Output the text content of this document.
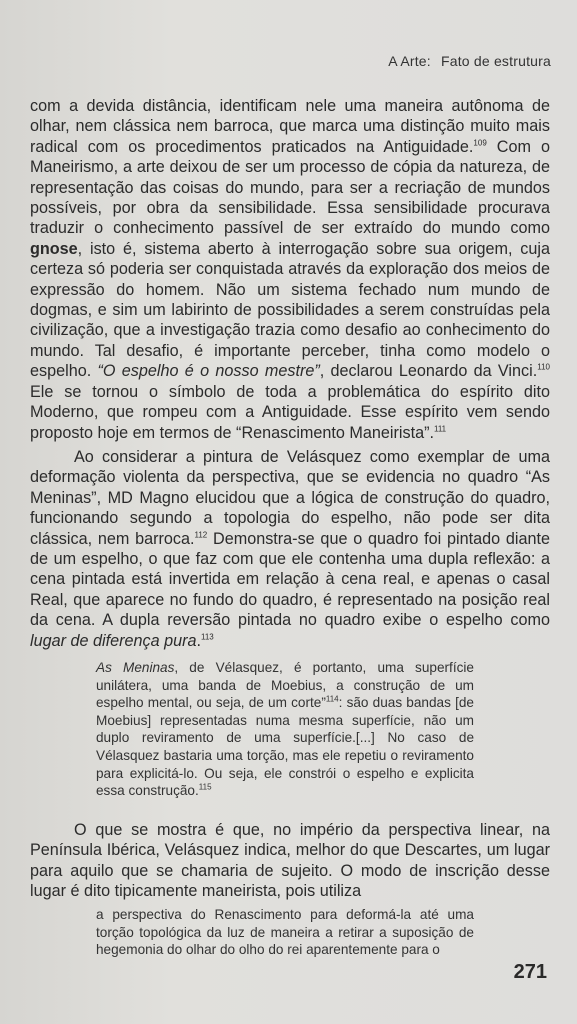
A Arte: Fato de estrutura

com a devida distância, identificam nele uma maneira autônoma de olhar, nem clássica nem barroca, que marca uma distinção muito mais radical com os procedimentos praticados na Antiguidade.$^{109}$ Com o Maneirismo, a arte deixou de ser um processo de cópia da natureza, de representação das coisas do mundo, para ser a recriação de mundos possíveis, por obra da sensibilidade. Essa sensibilidade procurava traduzir o conhecimento passível de ser extraído do mundo como gnose, isto é, sistema aberto à interrogação sobre sua origem, cuja certeza só poderia ser conquistada através da exploração dos meios de expressão do homem. Não um sistema fechado num mundo de dogmas, e sim um labirinto de possibilidades a serem construídas pela civilização, que a investigação trazia como desafio ao conhecimento do mundo. Tal desafio, é importante perceber, tinha como modelo o espelho. “O espelho é o nosso mestre”, declarou Leonardo da Vinci.$^{110}$ Ele se tornou o símbolo de toda a problemática do espírito dito Moderno, que rompeu com a Antiguidade. Esse espírito vem sendo proposto hoje em termos de “Renascimento Maneirista”.$^{111}$

Ao considerar a pintura de Velásquez como exemplar de uma deformação violenta da perspectiva, que se evidencia no quadro “As Meninas”, MD Magno elucidou que a lógica de construção do quadro, funcionando segundo a topologia do espelho, não pode ser dita clássica, nem barroca.$^{112}$ Demonstra-se que o quadro foi pintado diante de um espelho, o que faz com que ele contenha uma dupla reflexão: a cena pintada está invertida em relação à cena real, e apenas o casal Real, que aparece no fundo do quadro, é representado na posição real da cena. A dupla reversão pintada no quadro exibe o espelho como lugar de diferença pura.$^{113}$

As Meninas, de Vélasquez, é portanto, uma superfície unilátera, uma banda de Moebius, a construção de um espelho mental, ou seja, de um corte”$^{114}$: são duas bandas [de Moebius] representadas numa mesma superfície, não um duplo reviramento de uma superfície.[...] No caso de Vélasquez bastaria uma torção, mas ele repetiu o reviramento para explicitá-lo. Ou seja, ele constrói o espelho e explicita essa construção.$^{115}$

O que se mostra é que, no império da perspectiva linear, na Península Ibérica, Velásquez indica, melhor do que Descartes, um lugar para aquilo que se chamaria de sujeito. O modo de inscrição desse lugar é dito tipicamente maneirista, pois utiliza

a perspectiva do Renascimento para deformá-la até uma torção topológica da luz de maneira a retirar a suposição de hegemonia do olhar do olho do rei aparentemente para o

271
